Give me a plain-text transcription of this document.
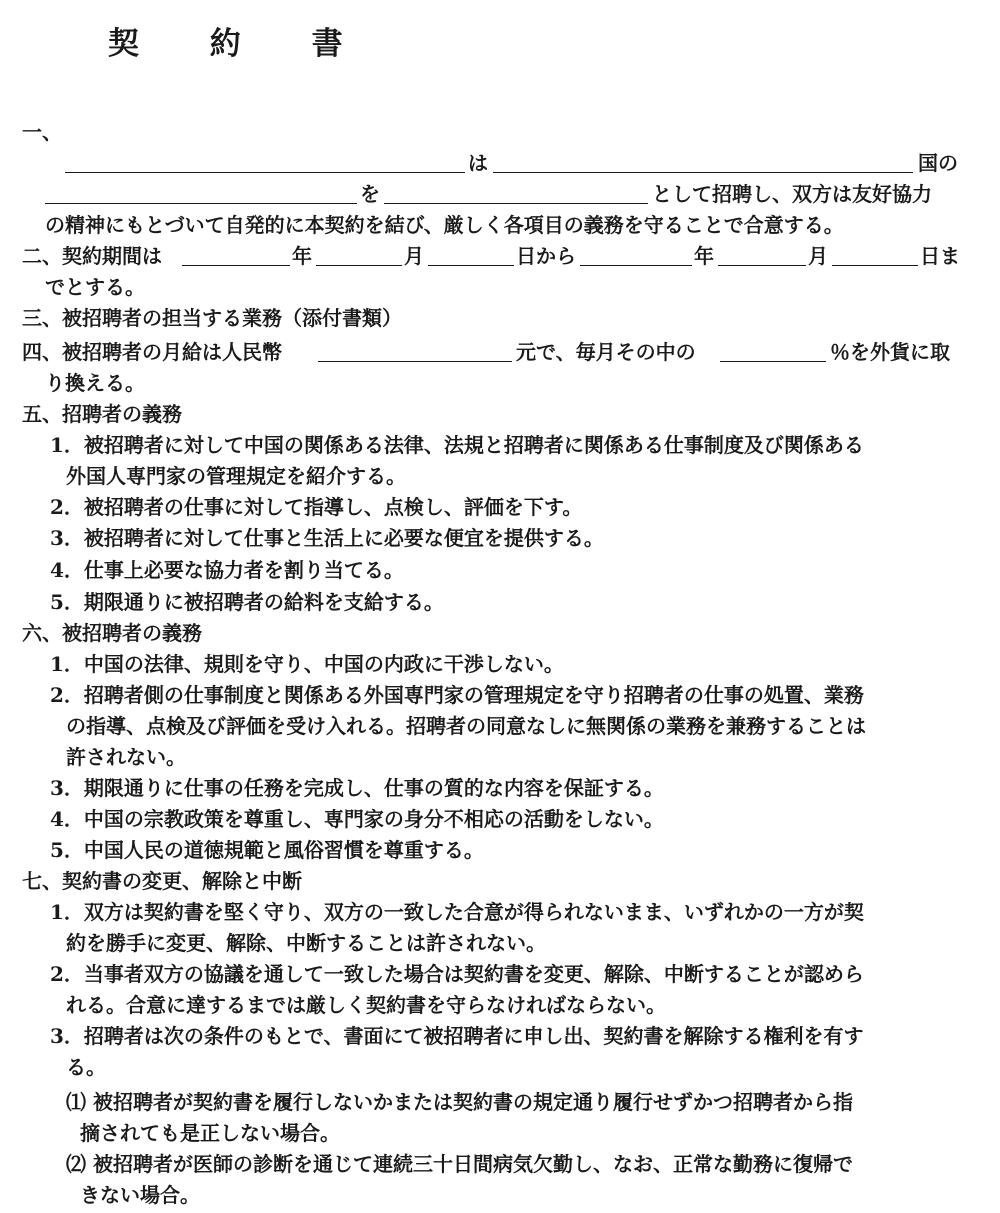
契 約 書
一、
は	国の
を	として招聘し、双方は友好協力
の精神にもとづいて自発的に本契約を結び、厳しく各項目の義務を守ることで合意する。
二、契約期間は	年	月	日から	年	月	日ま
でとする。
三、被招聘者の担当する業務（添付書類）
四、被招聘者の月給は人民幣	元で、毎月その中の	％を外貨に取
り換える。
五、招聘者の義務
1．被招聘者に対して中国の関係ある法律、法規と招聘者に関係ある仕事制度及び関係ある
外国人専門家の管理規定を紹介する。
2．被招聘者の仕事に対して指導し、点検し、評価を下す。
3．被招聘者に対して仕事と生活上に必要な便宜を提供する。
4．仕事上必要な協力者を割り当てる。
5．期限通りに被招聘者の給料を支給する。
六、被招聘者の義務
1．中国の法律、規則を守り、中国の内政に干渉しない。
2．招聘者側の仕事制度と関係ある外国専門家の管理規定を守り招聘者の仕事の処置、業務
の指導、点検及び評価を受け入れる。招聘者の同意なしに無関係の業務を兼務することは
許されない。
3．期限通りに仕事の任務を完成し、仕事の質的な内容を保証する。
4．中国の宗教政策を尊重し、専門家の身分不相応の活動をしない。
5．中国人民の道徳規範と風俗習慣を尊重する。
七、契約書の変更、解除と中断
1．双方は契約書を堅く守り、双方の一致した合意が得られないまま、いずれかの一方が契
約を勝手に変更、解除、中断することは許されない。
2．当事者双方の協議を通して一致した場合は契約書を変更、解除、中断することが認めら
れる。合意に達するまでは厳しく契約書を守らなければならない。
3．招聘者は次の条件のもとで、書面にて被招聘者に申し出、契約書を解除する権利を有す
る。
⑴ 被招聘者が契約書を履行しないかまたは契約書の規定通り履行せずかつ招聘者から指
摘されても是正しない場合。
⑵ 被招聘者が医師の診断を通じて連続三十日間病気欠勤し、なお、正常な勤務に復帰で
きない場合。
